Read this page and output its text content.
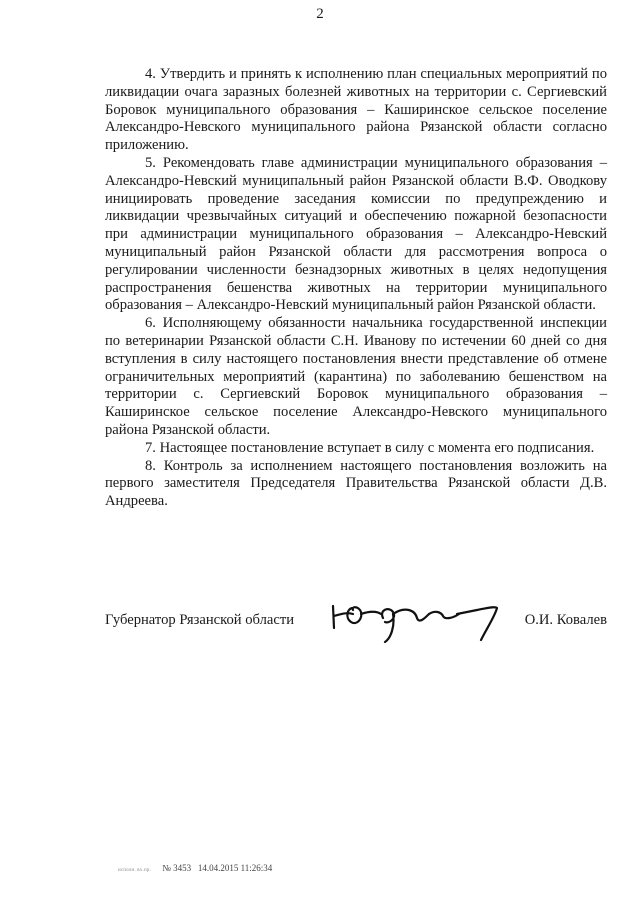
2

4. Утвердить и принять к исполнению план специальных мероприятий по ликвидации очага заразных болезней животных на территории с. Сергиевский Боровок муниципального образования – Каширинское сельское поселение Александро-Невского муниципального района Рязанской области согласно приложению.

5. Рекомендовать главе администрации муниципального образования – Александро-Невский муниципальный район Рязанской области В.Ф. Оводкову инициировать проведение заседания комиссии по предупреждению и ликвидации чрезвычайных ситуаций и обеспечению пожарной безопасности при администрации муниципального образования – Александро-Невский муниципальный район Рязанской области для рассмотрения вопроса о регулировании численности безнадзорных животных в целях недопущения распространения бешенства животных на территории муниципального образования – Александро-Невский муниципальный район Рязанской области.

6. Исполняющему обязанности начальника государственной инспекции по ветеринарии Рязанской области С.Н. Иванову по истечении 60 дней со дня вступления в силу настоящего постановления внести представление об отмене ограничительных мероприятий (карантина) по заболеванию бешенством на территории с. Сергиевский Боровок муниципального образования – Каширинское сельское поселение Александро-Невского муниципального района Рязанской области.

7. Настоящее постановление вступает в силу с момента его подписания.

8. Контроль за исполнением настоящего постановления возложить на первого заместителя Председателя Правительства Рязанской области Д.В. Андреева.

Губернатор Рязанской области	О.И. Ковалев
исполн. вх.пр. № 3453 14.04.2015 11:26:34
